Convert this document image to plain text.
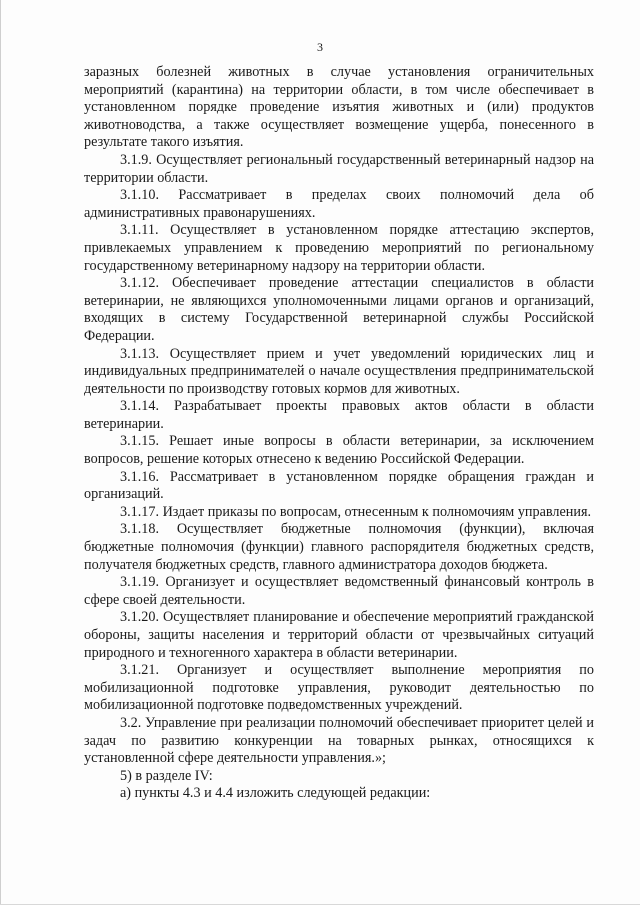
3

заразных болезней животных в случае установления ограничительных мероприятий (карантина) на территории области, в том числе обеспечивает в установленном порядке проведение изъятия животных и (или) продуктов животноводства, а также осуществляет возмещение ущерба, понесенного в результате такого изъятия.

3.1.9. Осуществляет региональный государственный ветеринарный надзор на территории области.

3.1.10. Рассматривает в пределах своих полномочий дела об административных правонарушениях.

3.1.11. Осуществляет в установленном порядке аттестацию экспертов, привлекаемых управлением к проведению мероприятий по региональному государственному ветеринарному надзору на территории области.

3.1.12. Обеспечивает проведение аттестации специалистов в области ветеринарии, не являющихся уполномоченными лицами органов и организаций, входящих в систему Государственной ветеринарной службы Российской Федерации.

3.1.13. Осуществляет прием и учет уведомлений юридических лиц и индивидуальных предпринимателей о начале осуществления предпринимательской деятельности по производству готовых кормов для животных.

3.1.14. Разрабатывает проекты правовых актов области в области ветеринарии.

3.1.15. Решает иные вопросы в области ветеринарии, за исключением вопросов, решение которых отнесено к ведению Российской Федерации.

3.1.16. Рассматривает в установленном порядке обращения граждан и организаций.

3.1.17. Издает приказы по вопросам, отнесенным к полномочиям управления.

3.1.18. Осуществляет бюджетные полномочия (функции), включая бюджетные полномочия (функции) главного распорядителя бюджетных средств, получателя бюджетных средств, главного администратора доходов бюджета.

3.1.19. Организует и осуществляет ведомственный финансовый контроль в сфере своей деятельности.

3.1.20. Осуществляет планирование и обеспечение мероприятий гражданской обороны, защиты населения и территорий области от чрезвычайных ситуаций природного и техногенного характера в области ветеринарии.

3.1.21. Организует и осуществляет выполнение мероприятия по мобилизационной подготовке управления, руководит деятельностью по мобилизационной подготовке подведомственных учреждений.

3.2. Управление при реализации полномочий обеспечивает приоритет целей и задач по развитию конкуренции на товарных рынках, относящихся к установленной сфере деятельности управления.»;

5) в разделе IV:

а) пункты 4.3 и 4.4 изложить следующей редакции:
